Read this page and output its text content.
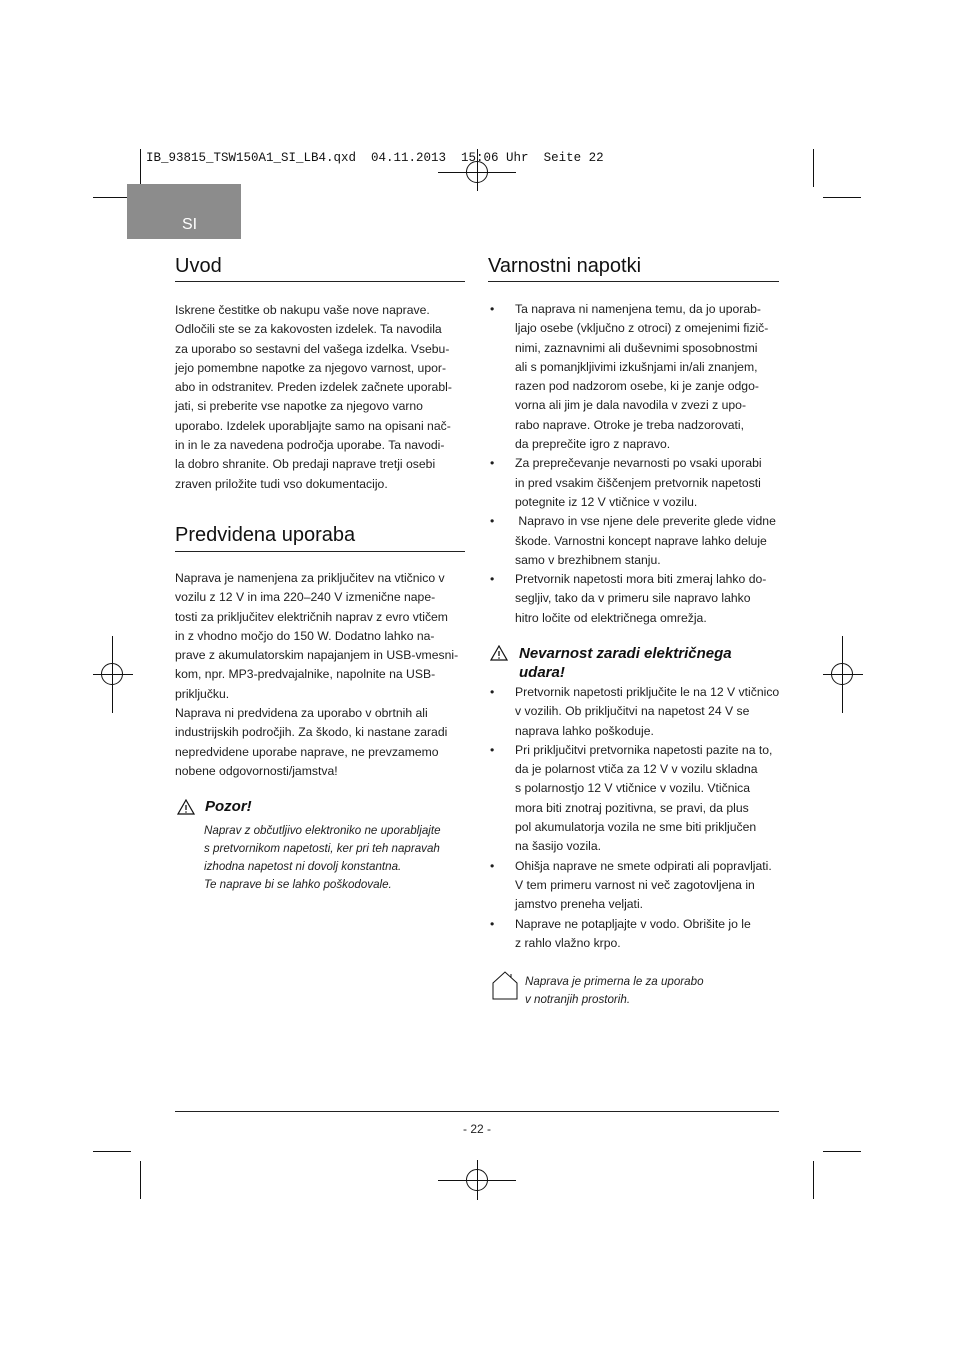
IB_93815_TSW150A1_SI_LB4.qxd  04.11.2013  15:06 Uhr  Seite 22
SI
Uvod
Iskrene čestitke ob nakupu vaše nove naprave.
Odločili ste se za kakovosten izdelek. Ta navodila
za uporabo so sestavni del vašega izdelka. Vsebu-
jejo pomembne napotke za njegovo varnost, upor-
abo in odstranitev. Preden izdelek začnete uporabl-
jati, si preberite vse napotke za njegovo varno
uporabo. Izdelek uporabljajte samo na opisani nač-
in in le za navedena področja uporabe. Ta navodi-
la dobro shranite. Ob predaji naprave tretji osebi
zraven priložite tudi vso dokumentacijo.
Predvidena uporaba
Naprava je namenjena za priključitev na vtičnico v
vozilu z 12 V in ima 220–240 V izmenične nape-
tosti za priključitev električnih naprav z evro vtičem
in z vhodno močjo do 150 W. Dodatno lahko na-
prave z akumulatorskim napajanjem in USB-vmesni-
kom, npr. MP3-predvajalnike, napolnite na USB-
priključku.
Naprava ni predvidena za uporabo v obrtnih ali
industrijskih področjih. Za škodo, ki nastane zaradi
nepredvidene uporabe naprave, ne prevzamemo
nobene odgovornosti/jamstva!
Pozor!
Naprav z občutljivo elektroniko ne uporabljajte
s pretvornikom napetosti, ker pri teh napravah
izhodna napetost ni dovolj konstantna.
Te naprave bi se lahko poškodovale.
Varnostni napotki
• Ta naprava ni namenjena temu, da jo uporab-
ljajo osebe (vključno z otroci) z omejenimi fizič-
nimi, zaznavnimi ali duševnimi sposobnostmi
ali s pomanjkljivimi izkušnjami in/ali znanjem,
razen pod nadzorom osebe, ki je zanje odgo-
vorna ali jim je dala navodila v zvezi z upo-
rabo naprave. Otroke je treba nadzorovati,
da preprečite igro z napravo.
• Za preprečevanje nevarnosti po vsaki uporabi
in pred vsakim čiščenjem pretvornik napetosti
potegnite iz 12 V vtičnice v vozilu.
•  Napravo in vse njene dele preverite glede vidne
škode. Varnostni koncept naprave lahko deluje
samo v brezhibnem stanju.
• Pretvornik napetosti mora biti zmeraj lahko do-
segljiv, tako da v primeru sile napravo lahko
hitro ločite od električnega omrežja.
Nevarnost zaradi električnega
udara!
• Pretvornik napetosti priključite le na 12 V vtičnico
v vozilih. Ob priključitvi na napetost 24 V se
naprava lahko poškoduje.
• Pri priključitvi pretvornika napetosti pazite na to,
da je polarnost vtiča za 12 V v vozilu skladna
s polarnostjo 12 V vtičnice v vozilu. Vtičnica
mora biti znotraj pozitivna, se pravi, da plus
pol akumulatorja vozila ne sme biti priključen
na šasijo vozila.
• Ohišja naprave ne smete odpirati ali popravljati.
V tem primeru varnost ni več zagotovljena in
jamstvo preneha veljati.
• Naprave ne potapljajte v vodo. Obrišite jo le
z rahlo vlažno krpo.
Naprava je primerna le za uporabo
v notranjih prostorih.
- 22 -
